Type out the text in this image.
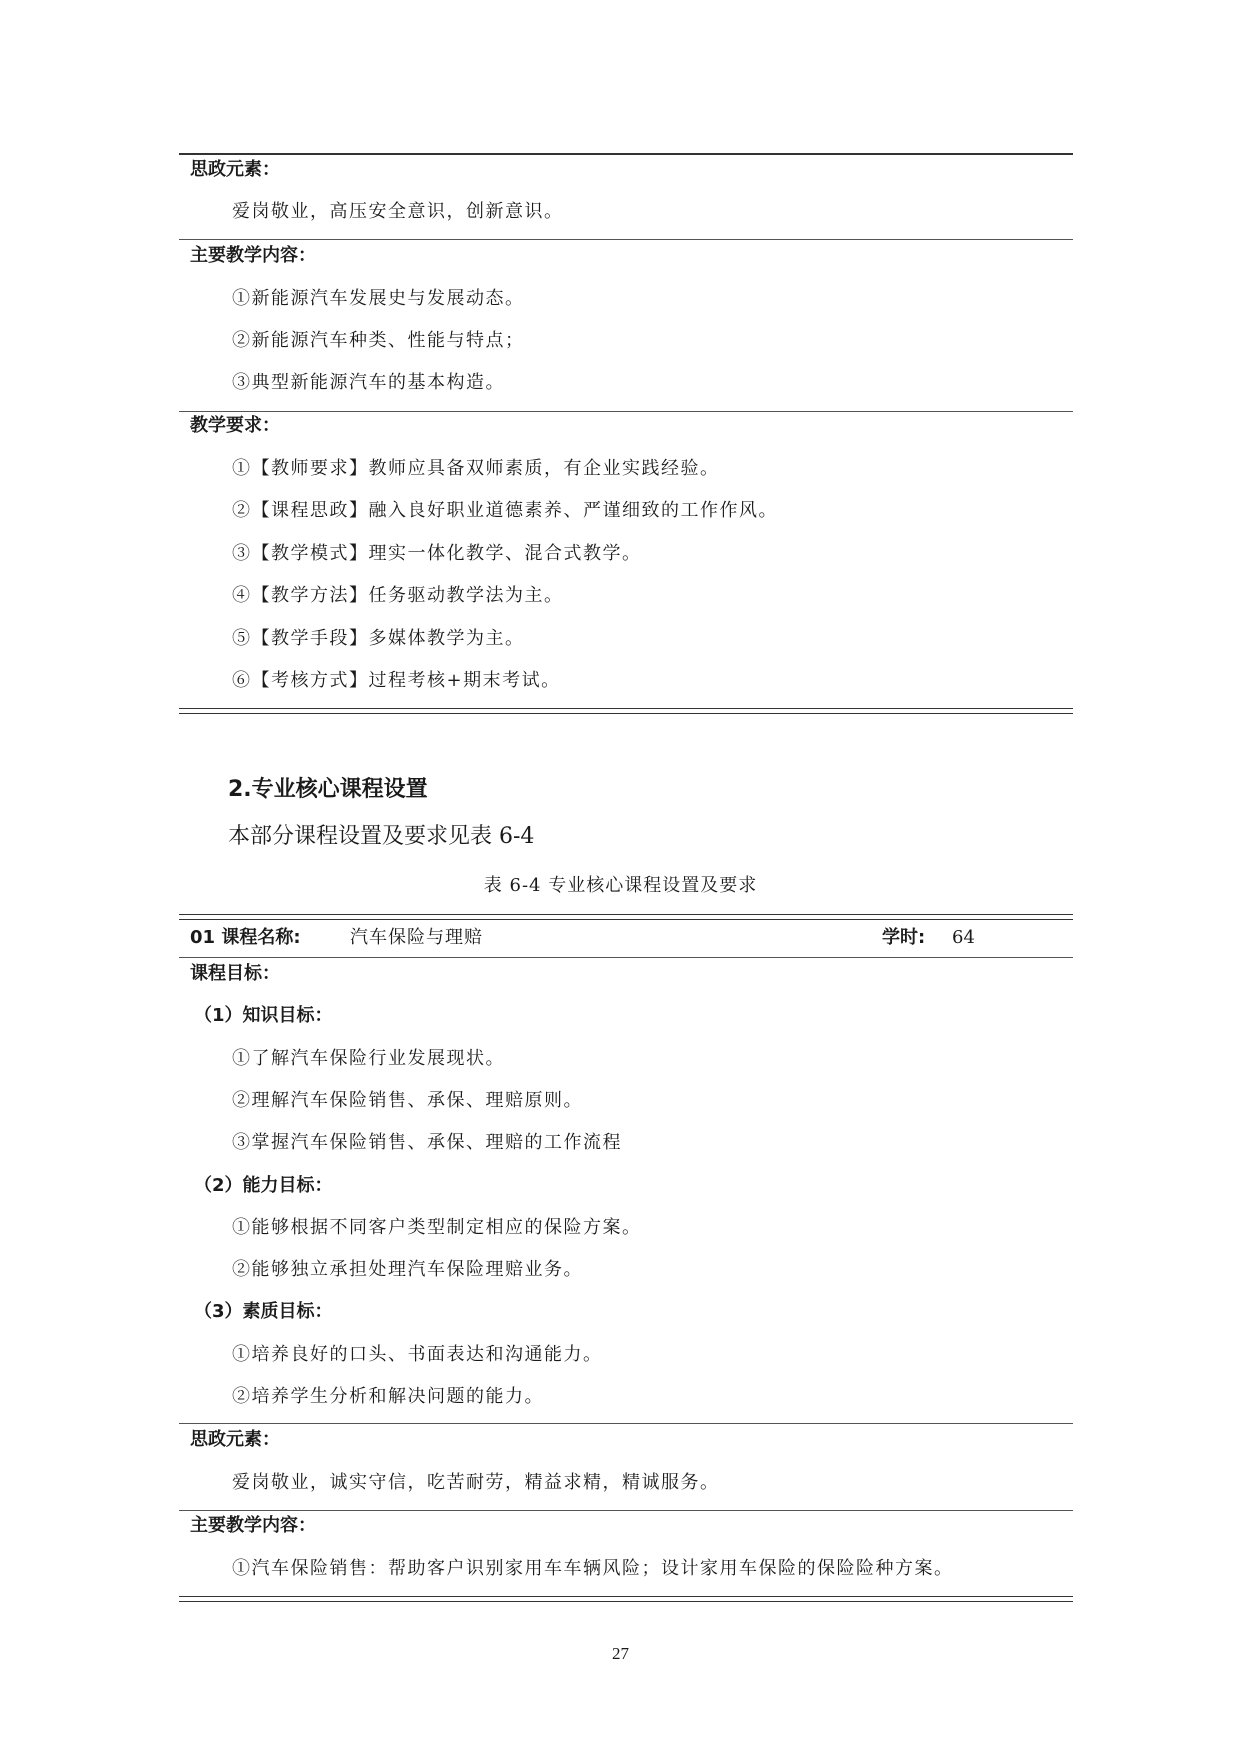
思政元素：
爱岗敬业，高压安全意识，创新意识。
主要教学内容：
①新能源汽车发展史与发展动态。
②新能源汽车种类、性能与特点；
③典型新能源汽车的基本构造。
教学要求：
①【教师要求】教师应具备双师素质，有企业实践经验。
②【课程思政】融入良好职业道德素养、严谨细致的工作作风。
③【教学模式】理实一体化教学、混合式教学。
④【教学方法】任务驱动教学法为主。
⑤【教学手段】多媒体教学为主。
⑥【考核方式】过程考核+期末考试。
2.专业核心课程设置
本部分课程设置及要求见表 6-4
表 6-4 专业核心课程设置及要求
01 课程名称:	汽车保险与理赔	学时: 64
课程目标：
（1）知识目标：
①了解汽车保险行业发展现状。
②理解汽车保险销售、承保、理赔原则。
③掌握汽车保险销售、承保、理赔的工作流程
（2）能力目标：
①能够根据不同客户类型制定相应的保险方案。
②能够独立承担处理汽车保险理赔业务。
（3）素质目标：
①培养良好的口头、书面表达和沟通能力。
②培养学生分析和解决问题的能力。
思政元素：
爱岗敬业，诚实守信，吃苦耐劳，精益求精，精诚服务。
主要教学内容：
①汽车保险销售：帮助客户识别家用车车辆风险；设计家用车保险的保险险种方案。
27
